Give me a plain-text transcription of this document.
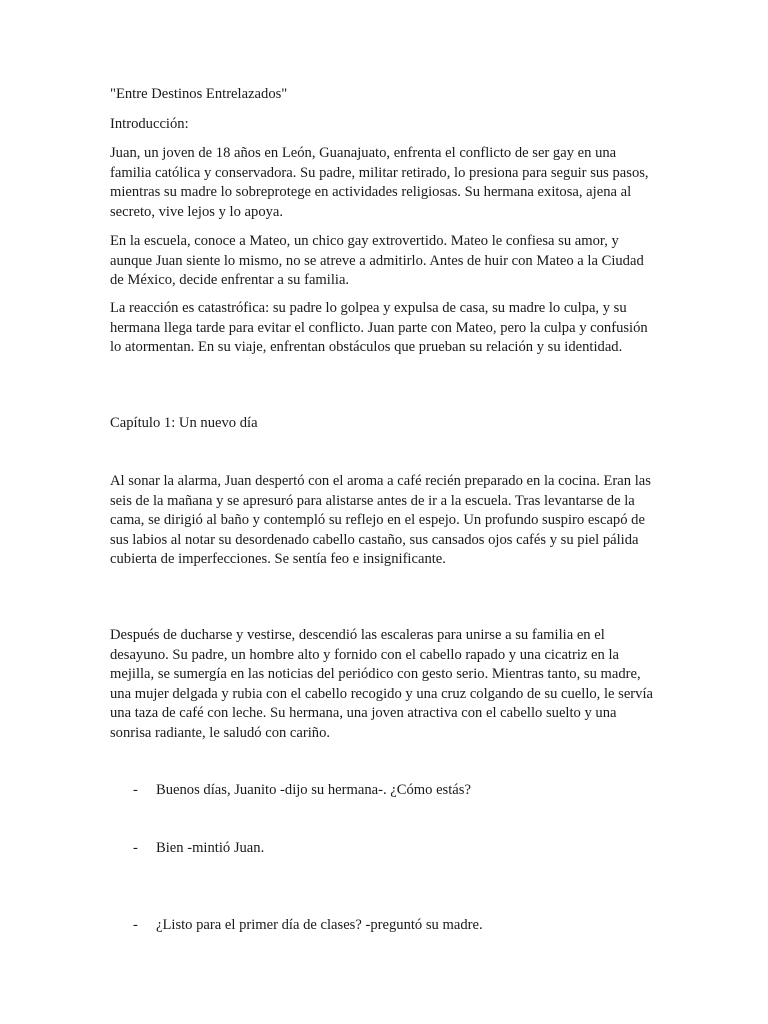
"Entre Destinos Entrelazados"

Introducción:

Juan, un joven de 18 años en León, Guanajuato, enfrenta el conflicto de ser gay en una familia católica y conservadora. Su padre, militar retirado, lo presiona para seguir sus pasos, mientras su madre lo sobreprotege en actividades religiosas. Su hermana exitosa, ajena al secreto, vive lejos y lo apoya.

En la escuela, conoce a Mateo, un chico gay extrovertido. Mateo le confiesa su amor, y aunque Juan siente lo mismo, no se atreve a admitirlo. Antes de huir con Mateo a la Ciudad de México, decide enfrentar a su familia.

La reacción es catastrófica: su padre lo golpea y expulsa de casa, su madre lo culpa, y su hermana llega tarde para evitar el conflicto. Juan parte con Mateo, pero la culpa y confusión lo atormentan. En su viaje, enfrentan obstáculos que prueban su relación y su identidad.

Capítulo 1: Un nuevo día

Al sonar la alarma, Juan despertó con el aroma a café recién preparado en la cocina. Eran las seis de la mañana y se apresuró para alistarse antes de ir a la escuela. Tras levantarse de la cama, se dirigió al baño y contempló su reflejo en el espejo. Un profundo suspiro escapó de sus labios al notar su desordenado cabello castaño, sus cansados ojos cafés y su piel pálida cubierta de imperfecciones. Se sentía feo e insignificante.

Después de ducharse y vestirse, descendió las escaleras para unirse a su familia en el desayuno. Su padre, un hombre alto y fornido con el cabello rapado y una cicatriz en la mejilla, se sumergía en las noticias del periódico con gesto serio. Mientras tanto, su madre, una mujer delgada y rubia con el cabello recogido y una cruz colgando de su cuello, le servía una taza de café con leche. Su hermana, una joven atractiva con el cabello suelto y una sonrisa radiante, le saludó con cariño.

- Buenos días, Juanito -dijo su hermana-. ¿Cómo estás?

- Bien -mintió Juan.

- ¿Listo para el primer día de clases? -preguntó su madre.
